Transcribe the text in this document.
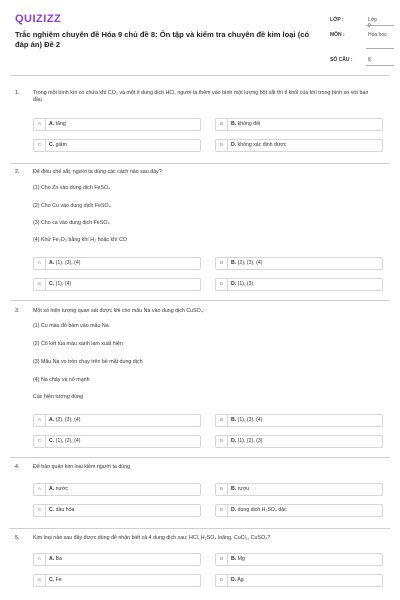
QUIZIZZ
Trắc nghiệm chuyên đề Hóa 9 chủ đề 8: Ôn tập và kiểm tra chuyên đề kim loại (có đáp án) Đề 2
LỚP :	Lớp 9
MÔN :	Hóa học
SỐ CÂU :	8
1.	Trong một bình kín có chứa khí CO₂ và một ít dung dịch HCl, người ta thêm vào bình một lượng bột sắt thì tỉ khối của khí trong bình so với ban đầu
A	A. tăng	B	B. không đổi
C	C. giảm	D	D. không xác định được
2.	Để điều chế sắt, người ta dùng các cách nào sau đây?
(1) Cho Zn vào dung dịch FeSO₄
(2) Cho Cu vào dung dịch FeSO₄
(3) Cho ca vào dung dịch FeSO₄
(4) Khử Fe₂O₃ bằng khí H₂ hoặc khí CO
A	A. (1), (3), (4)	B	B. (2), (3), (4)
C	C. (1), (4)	D	D. (1), (3)
3.	Một số hiện tượng quan sát được khi cho mẩu Na vào dung dịch CuSO₄:
(1) Cu màu đỏ bám vào mẩu Na
(2) Có kết tủa màu xanh lam xuất hiện
(3) Mẩu Na vo tròn chạy trên bề mặt dung dịch
(4) Na cháy và nổ mạnh
Các hiện tượng đúng
A	A. (2), (3), (4)	B	B. (1), (3), (4)
C	C. (1), (2), (4)	D	D. (1), (2), (3)
4.	Để bảo quản kim loại kiềm người ta dùng
A	A. nước	B	B. rượu
C	C. dầu hỏa	D	D. dung dịch H₂SO₄ đặc
5.	Kim loại nào sau đây được dùng để nhận biết cả 4 dung dịch sau: HCl, H₂SO₄ loãng, CuCl₂, CuSO₄?
A	A. Ba	B	B. Mg
C	C. Fe	D	D. Ag
